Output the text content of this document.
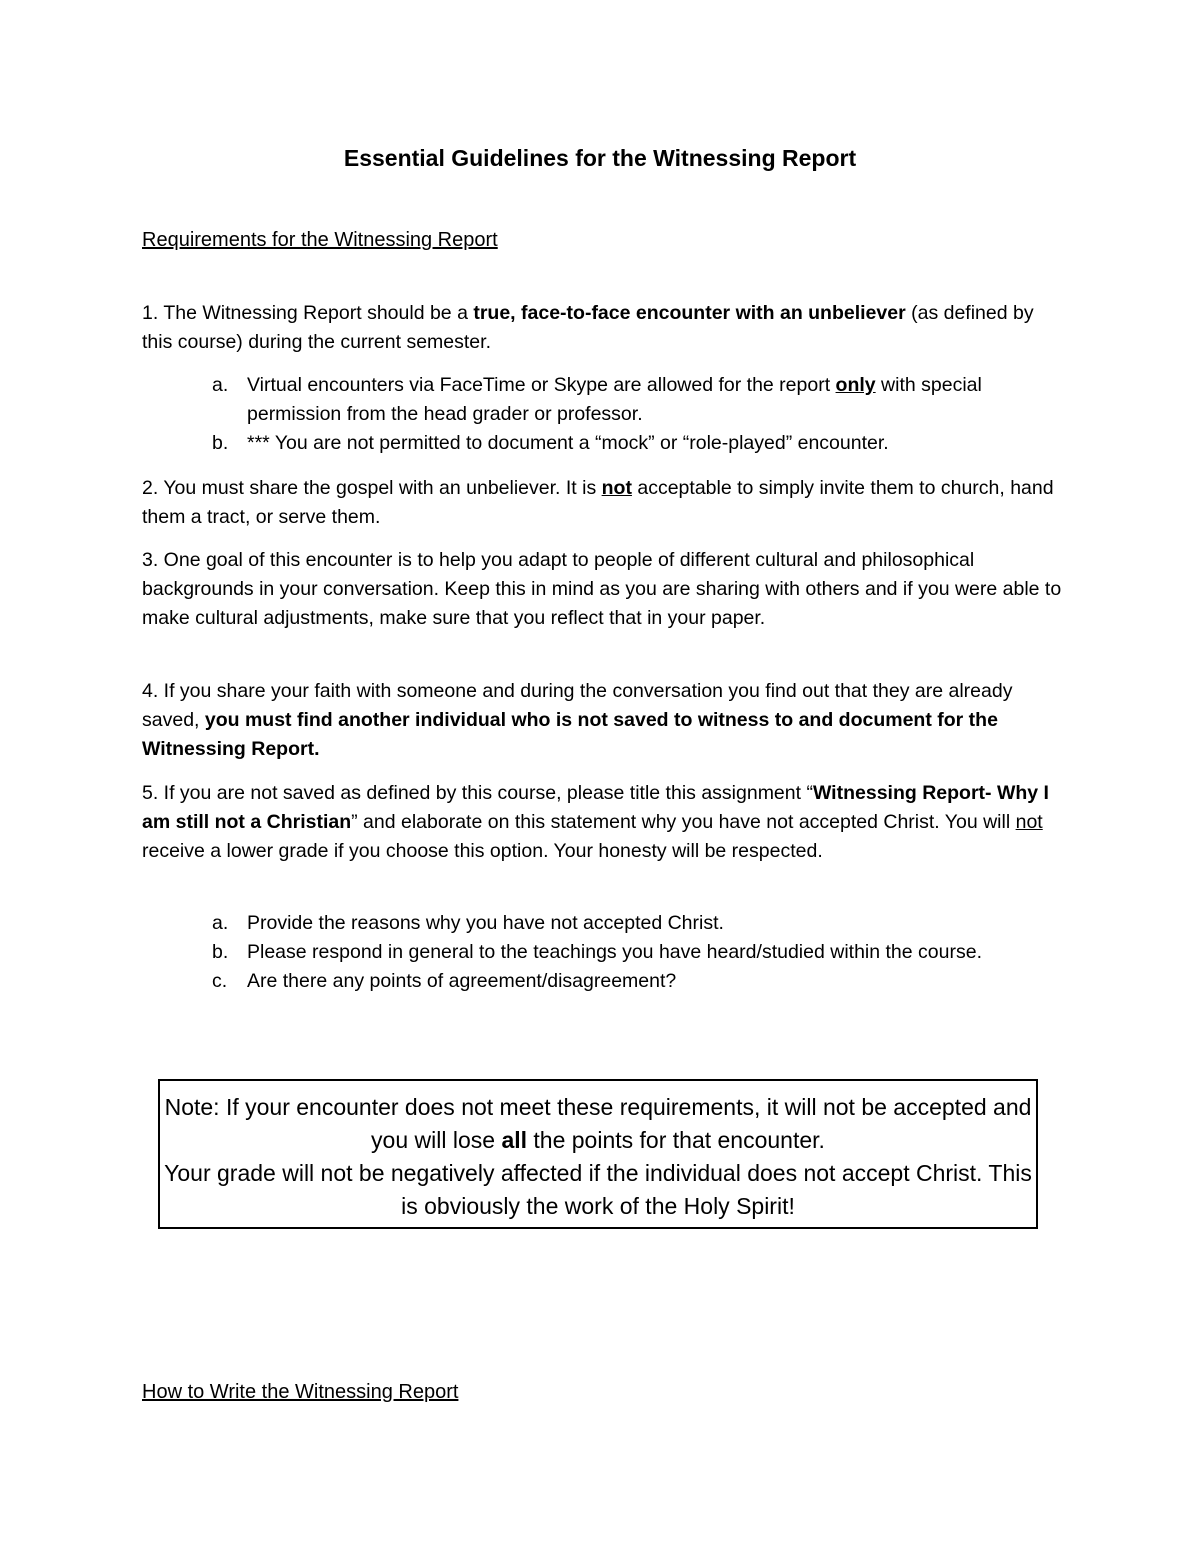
Essential Guidelines for the Witnessing Report
Requirements for the Witnessing Report

1. The Witnessing Report should be a true, face-to-face encounter with an unbeliever (as defined by this course) during the current semester.

a. Virtual encounters via FaceTime or Skype are allowed for the report only with special permission from the head grader or professor.
b. *** You are not permitted to document a “mock” or “role-played” encounter.

2. You must share the gospel with an unbeliever. It is not acceptable to simply invite them to church, hand them a tract, or serve them.

3. One goal of this encounter is to help you adapt to people of different cultural and philosophical backgrounds in your conversation. Keep this in mind as you are sharing with others and if you were able to make cultural adjustments, make sure that you reflect that in your paper.

4. If you share your faith with someone and during the conversation you find out that they are already saved, you must find another individual who is not saved to witness to and document for the Witnessing Report.

5. If you are not saved as defined by this course, please title this assignment “Witnessing Report- Why I am still not a Christian” and elaborate on this statement why you have not accepted Christ. You will not receive a lower grade if you choose this option. Your honesty will be respected.

a. Provide the reasons why you have not accepted Christ.
b. Please respond in general to the teachings you have heard/studied within the course.
c. Are there any points of agreement/disagreement?

Note: If your encounter does not meet these requirements, it will not be accepted and you will lose all the points for that encounter.

Your grade will not be negatively affected if the individual does not accept Christ. This is obviously the work of the Holy Spirit!

How to Write the Witnessing Report
